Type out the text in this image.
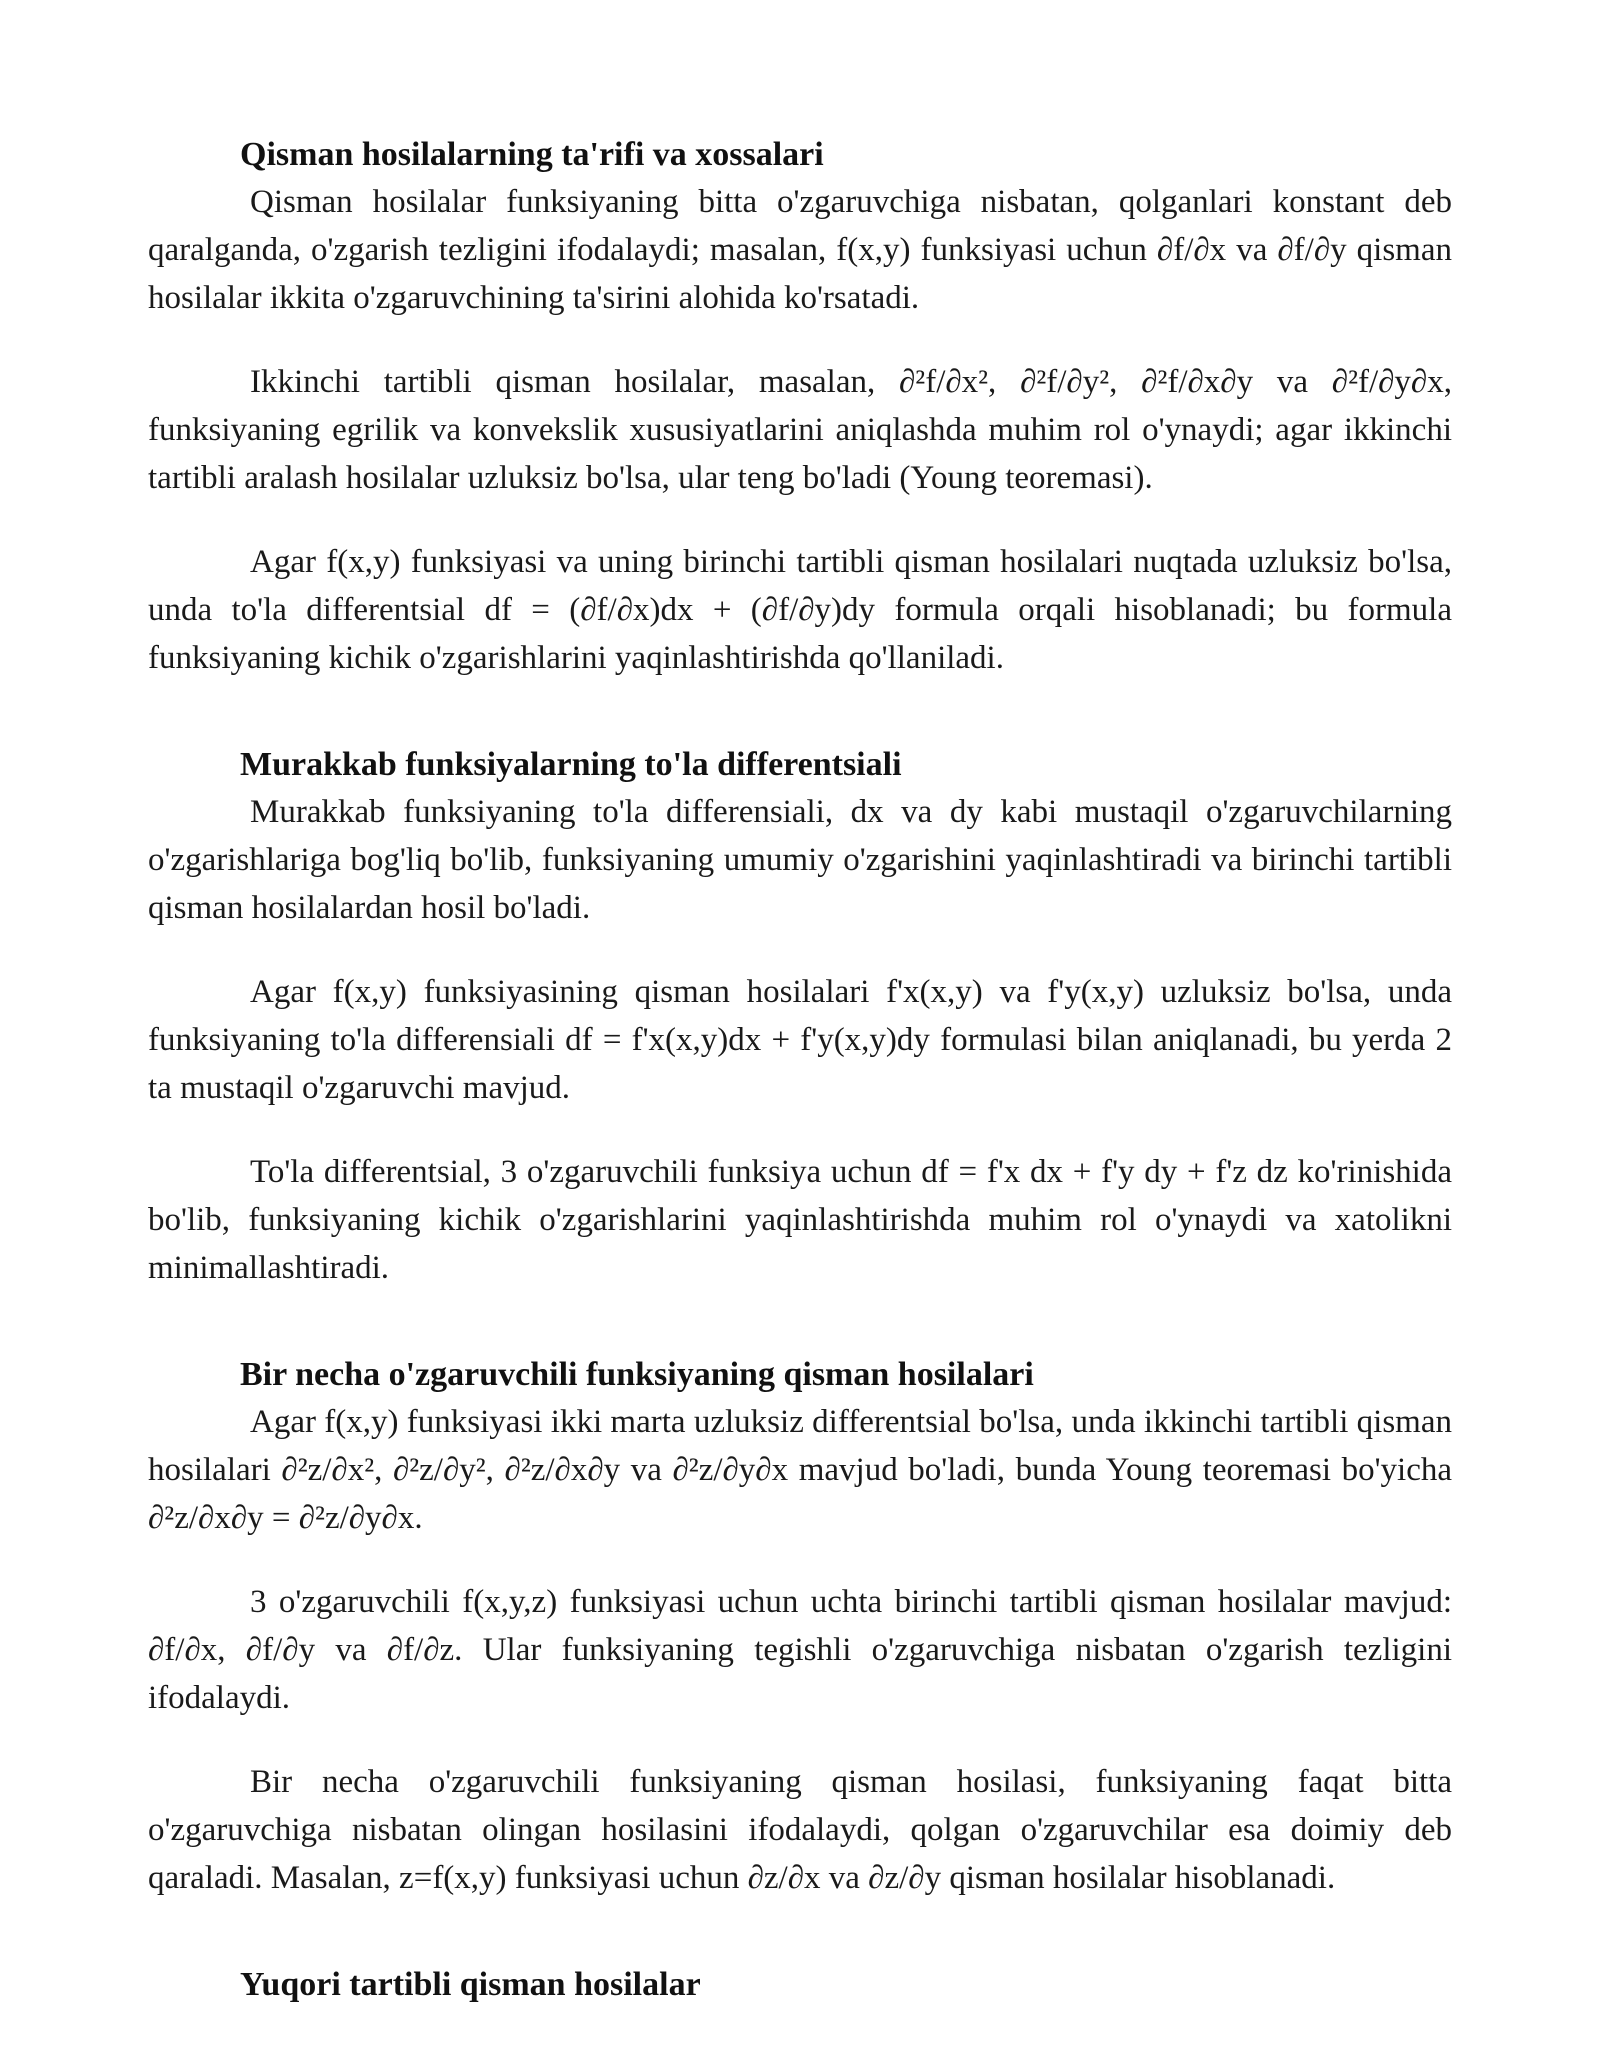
Qisman hosilalarning ta'rifi va xossalari

Qisman hosilalar funksiyaning bitta o'zgaruvchiga nisbatan, qolganlari konstant deb qaralganda, o'zgarish tezligini ifodalaydi; masalan, f(x,y) funksiyasi uchun ∂f/∂x va ∂f/∂y qisman hosilalar ikkita o'zgaruvchining ta'sirini alohida ko'rsatadi.

Ikkinchi tartibli qisman hosilalar, masalan, ∂²f/∂x², ∂²f/∂y², ∂²f/∂x∂y va ∂²f/∂y∂x, funksiyaning egrilik va konvekslik xususiyatlarini aniqlashda muhim rol o'ynaydi; agar ikkinchi tartibli aralash hosilalar uzluksiz bo'lsa, ular teng bo'ladi (Young teoremasi).

Agar f(x,y) funksiyasi va uning birinchi tartibli qisman hosilalari nuqtada uzluksiz bo'lsa, unda to'la differentsial df = (∂f/∂x)dx + (∂f/∂y)dy formula orqali hisoblanadi; bu formula funksiyaning kichik o'zgarishlarini yaqinlashtirishda qo'llaniladi.

Murakkab funksiyalarning to'la differentsiali

Murakkab funksiyaning to'la differensiali, dx va dy kabi mustaqil o'zgaruvchilarning o'zgarishlariga bog'liq bo'lib, funksiyaning umumiy o'zgarishini yaqinlashtiradi va birinchi tartibli qisman hosilalardan hosil bo'ladi.

Agar f(x,y) funksiyasining qisman hosilalari f'x(x,y) va f'y(x,y) uzluksiz bo'lsa, unda funksiyaning to'la differensiali df = f'x(x,y)dx + f'y(x,y)dy formulasi bilan aniqlanadi, bu yerda 2 ta mustaqil o'zgaruvchi mavjud.

To'la differentsial, 3 o'zgaruvchili funksiya uchun df = f'x dx + f'y dy + f'z dz ko'rinishida bo'lib, funksiyaning kichik o'zgarishlarini yaqinlashtirishda muhim rol o'ynaydi va xatolikni minimallashtiradi.

Bir necha o'zgaruvchili funksiyaning qisman hosilalari

Agar f(x,y) funksiyasi ikki marta uzluksiz differentsial bo'lsa, unda ikkinchi tartibli qisman hosilalari ∂²z/∂x², ∂²z/∂y², ∂²z/∂x∂y va ∂²z/∂y∂x mavjud bo'ladi, bunda Young teoremasi bo'yicha ∂²z/∂x∂y = ∂²z/∂y∂x.

3 o'zgaruvchili f(x,y,z) funksiyasi uchun uchta birinchi tartibli qisman hosilalar mavjud: ∂f/∂x, ∂f/∂y va ∂f/∂z. Ular funksiyaning tegishli o'zgaruvchiga nisbatan o'zgarish tezligini ifodalaydi.

Bir necha o'zgaruvchili funksiyaning qisman hosilasi, funksiyaning faqat bitta o'zgaruvchiga nisbatan olingan hosilasini ifodalaydi, qolgan o'zgaruvchilar esa doimiy deb qaraladi. Masalan, z=f(x,y) funksiyasi uchun ∂z/∂x va ∂z/∂y qisman hosilalar hisoblanadi.

Yuqori tartibli qisman hosilalar
